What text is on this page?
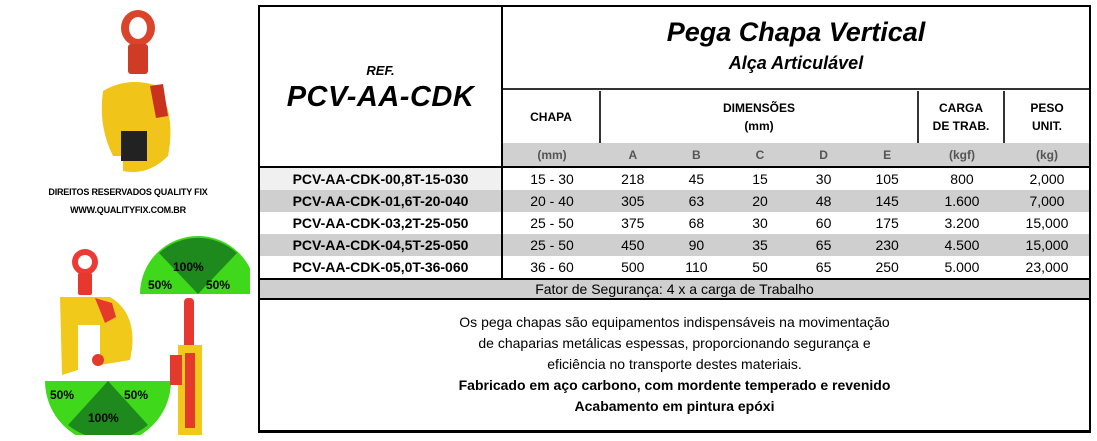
DIREITOS RESERVADOS QUALITY FIX
WWW.QUALITYFIX.COM.BR
50%	50%
100%
100%
50%	50%
REF.
PCV-AA-CDK
Pega Chapa Vertical
Alça Articulável
CHAPA
DIMENSÕES
(mm)
CARGA
DE TRAB.
PESO
UNIT.
(mm)	A	B	C	D	E	(kgf)	(kg)
PCV-AA-CDK-00,8T-15-030	15 - 30	218	45	15	30	105	800	2,000
PCV-AA-CDK-01,6T-20-040	20 - 40	305	63	20	48	145	1.600	7,000
PCV-AA-CDK-03,2T-25-050	25 - 50	375	68	30	60	175	3.200	15,000
PCV-AA-CDK-04,5T-25-050	25 - 50	450	90	35	65	230	4.500	15,000
PCV-AA-CDK-05,0T-36-060	36 - 60	500	110	50	65	250	5.000	23,000
Fator de Segurança: 4 x a carga de Trabalho
Os pega chapas são equipamentos indispensáveis na movimentação
de chaparias metálicas espessas, proporcionando segurança e
eficiência no transporte destes materiais.
Fabricado em aço carbono, com mordente temperado e revenido
Acabamento em pintura epóxi
